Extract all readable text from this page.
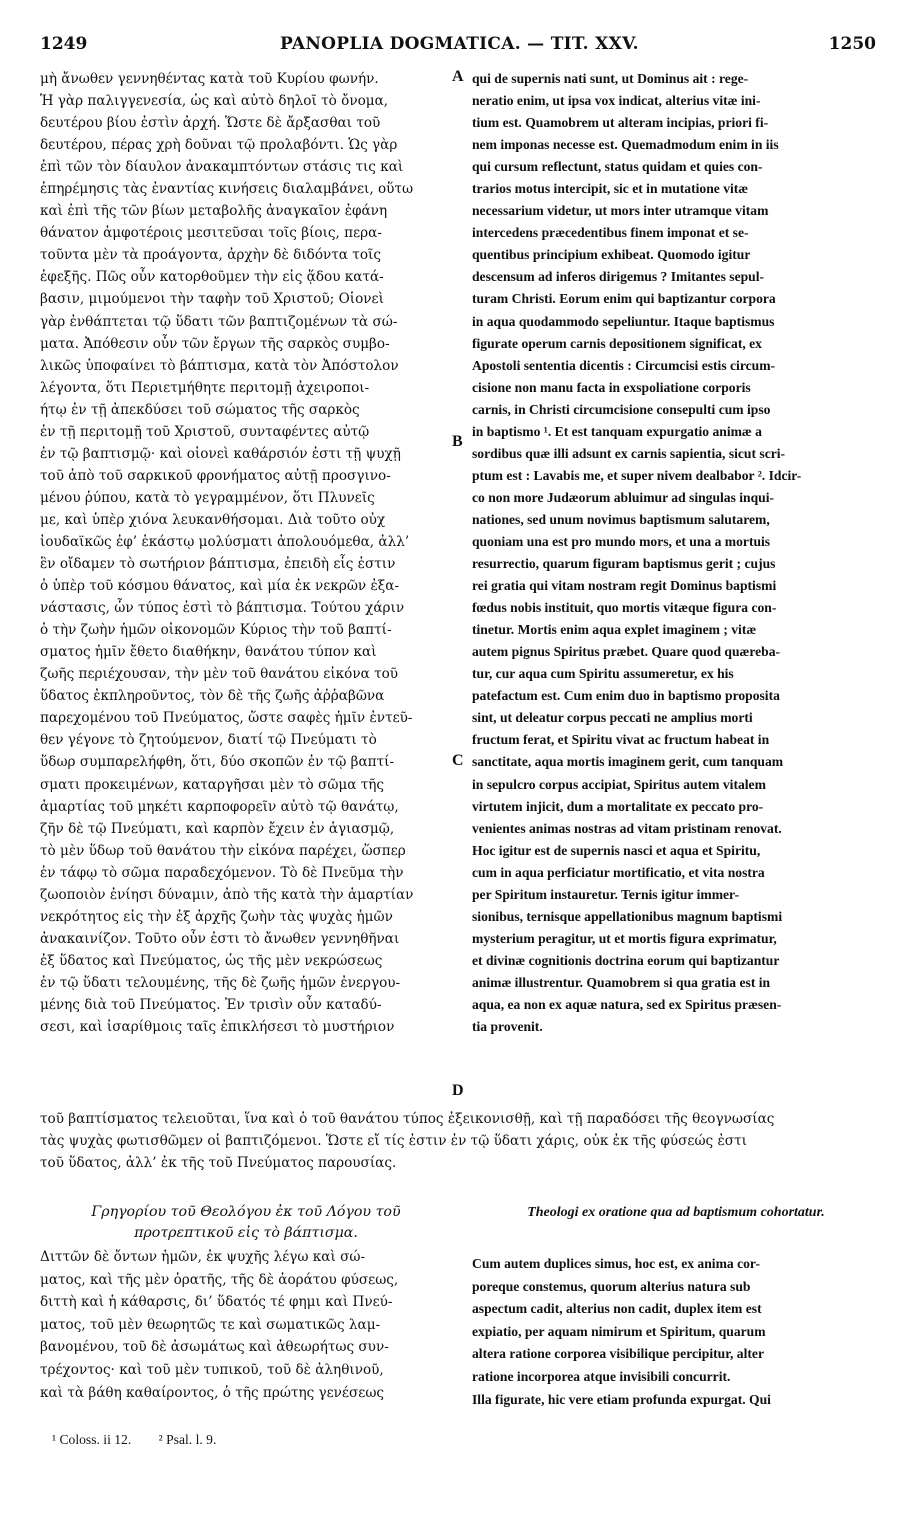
1249	PANOPLIA DOGMATICA. — TIT. XXV.	1250
μὴ ἄνωθεν γεννηθέντας κατὰ τοῦ Κυρίου φωνήν.
Ἡ γὰρ παλιγγενεσία, ὡς καὶ αὐτὸ δηλοῖ τὸ ὄνομα,
δευτέρου βίου ἐστὶν ἀρχή. Ὥστε δὲ ἄρξασθαι τοῦ
δευτέρου, πέρας χρὴ δοῦναι τῷ προλαβόντι. Ὡς γὰρ
ἐπὶ τῶν τὸν δίαυλον ἀνακαμπτόντων στάσις τις καὶ
ἐπηρέμησις τὰς ἐναντίας κινήσεις διαλαμβάνει, οὕτω
καὶ ἐπὶ τῆς τῶν βίων μεταβολῆς ἀναγκαῖον ἐφάνη
θάνατον ἀμφοτέροις μεσιτεῦσαι τοῖς βίοις, περα-
τοῦντα μὲν τὰ προάγοντα, ἀρχὴν δὲ διδόντα τοῖς
ἐφεξῆς. Πῶς οὖν κατορθοῦμεν τὴν εἰς ᾅδου κατά-
βασιν, μιμούμενοι τὴν ταφὴν τοῦ Χριστοῦ; Οἱονεὶ
γὰρ ἐνθάπτεται τῷ ὕδατι τῶν βαπτιζομένων τὰ σώ-
ματα. Ἀπόθεσιν οὖν τῶν ἔργων τῆς σαρκὸς συμβο-
λικῶς ὑποφαίνει τὸ βάπτισμα, κατὰ τὸν Ἀπόστολον
λέγοντα, ὅτι Περιετμήθητε περιτομῇ ἀχειροποι-
ήτῳ ἐν τῇ ἀπεκδύσει τοῦ σώματος τῆς σαρκὸς
ἐν τῇ περιτομῇ τοῦ Χριστοῦ, συνταφέντες αὐτῷ
ἐν τῷ βαπτισμῷ· καὶ οἱονεὶ καθάρσιόν ἐστι τῇ ψυχῇ
τοῦ ἀπὸ τοῦ σαρκικοῦ φρονήματος αὐτῇ προσγινο-
μένου ῥύπου, κατὰ τὸ γεγραμμένον, ὅτι Πλυνεῖς
με, καὶ ὑπὲρ χιόνα λευκανθήσομαι. Διὰ τοῦτο οὐχ
ἰουδαϊκῶς ἐφ’ ἑκάστῳ μολύσματι ἀπολουόμεθα, ἀλλ’
ἓν οἴδαμεν τὸ σωτήριον βάπτισμα, ἐπειδὴ εἷς ἐστιν
ὁ ὑπὲρ τοῦ κόσμου θάνατος, καὶ μία ἐκ νεκρῶν ἐξα-
νάστασις, ὧν τύπος ἐστὶ τὸ βάπτισμα. Τούτου χάριν
ὁ τὴν ζωὴν ἡμῶν οἰκονομῶν Κύριος τὴν τοῦ βαπτί-
σματος ἡμῖν ἔθετο διαθήκην, θανάτου τύπον καὶ
ζωῆς περιέχουσαν, τὴν μὲν τοῦ θανάτου εἰκόνα τοῦ
ὕδατος ἐκπληροῦντος, τὸν δὲ τῆς ζωῆς ἀῤῥαβῶνα
παρεχομένου τοῦ Πνεύματος, ὥστε σαφὲς ἡμῖν ἐντεῦ-
θεν γέγονε τὸ ζητούμενον, διατί τῷ Πνεύματι τὸ
ὕδωρ συμπαρελήφθη, ὅτι, δύο σκοπῶν ἐν τῷ βαπτί-
σματι προκειμένων, καταργῆσαι μὲν τὸ σῶμα τῆς
ἁμαρτίας τοῦ μηκέτι καρποφορεῖν αὐτὸ τῷ θανάτῳ,
ζῆν δὲ τῷ Πνεύματι, καὶ καρπὸν ἔχειν ἐν ἁγιασμῷ,
τὸ μὲν ὕδωρ τοῦ θανάτου τὴν εἰκόνα παρέχει, ὥσπερ
ἐν τάφῳ τὸ σῶμα παραδεχόμενον. Τὸ δὲ Πνεῦμα τὴν
ζωοποιὸν ἐνίησι δύναμιν, ἀπὸ τῆς κατὰ τὴν ἁμαρτίαν
νεκρότητος εἰς τὴν ἐξ ἀρχῆς ζωὴν τὰς ψυχὰς ἡμῶν
ἀνακαινίζον. Τοῦτο οὖν ἐστι τὸ ἄνωθεν γεννηθῆναι
ἐξ ὕδατος καὶ Πνεύματος, ὡς τῆς μὲν νεκρώσεως
ἐν τῷ ὕδατι τελουμένης, τῆς δὲ ζωῆς ἡμῶν ἐνεργου-
μένης διὰ τοῦ Πνεύματος. Ἐν τρισὶν οὖν καταδύ-
σεσι, καὶ ἰσαρίθμοις ταῖς ἐπικλήσεσι τὸ μυστήριον
qui de supernis nati sunt, ut Dominus ait : rege-
neratio enim, ut ipsa vox indicat, alterius vitæ ini-
tium est. Quamobrem ut alteram incipias, priori fi-
nem imponas necesse est. Quemadmodum enim in iis
qui cursum reflectunt, status quidam et quies con-
trarios motus intercipit, sic et in mutatione vitæ
necessarium videtur, ut mors inter utramque vitam
intercedens præcedentibus finem imponat et se-
quentibus principium exhibeat. Quomodo igitur
descensum ad inferos dirigemus ? Imitantes sepul-
turam Christi. Eorum enim qui baptizantur corpora
in aqua quodammodo sepeliuntur. Itaque baptismus
figurate operum carnis depositionem significat, ex
Apostoli sententia dicentis : Circumcisi estis circum-
cisione non manu facta in exspoliatione corporis
carnis, in Christi circumcisione consepulti cum ipso
in baptismo ¹. Et est tanquam expurgatio animæ a
sordibus quæ illi adsunt ex carnis sapientia, sicut scri-
ptum est : Lavabis me, et super nivem dealbabor ². Idcir-
co non more Judæorum abluimur ad singulas inqui-
nationes, sed unum novimus baptismum salutarem,
quoniam una est pro mundo mors, et una a mortuis
resurrectio, quarum figuram baptismus gerit ; cujus
rei gratia qui vitam nostram regit Dominus baptismi
fœdus nobis instituit, quo mortis vitæque figura con-
tinetur. Mortis enim aqua explet imaginem ; vitæ
autem pignus Spiritus præbet. Quare quod quæreba-
tur, cur aqua cum Spiritu assumeretur, ex his
patefactum est. Cum enim duo in baptismo proposita
sint, ut deleatur corpus peccati ne amplius morti
fructum ferat, et Spiritu vivat ac fructum habeat in
sanctitate, aqua mortis imaginem gerit, cum tanquam
in sepulcro corpus accipiat, Spiritus autem vitalem
virtutem injicit, dum a mortalitate ex peccato pro-
venientes animas nostras ad vitam pristinam renovat.
Hoc igitur est de supernis nasci et aqua et Spiritu,
cum in aqua perficiatur mortificatio, et vita nostra
per Spiritum instauretur. Ternis igitur immer-
sionibus, ternisque appellationibus magnum baptismi
mysterium peragitur, ut et mortis figura exprimatur,
et divinæ cognitionis doctrina eorum qui baptizantur
animæ illustrentur. Quamobrem si qua gratia est in
aqua, ea non ex aquæ natura, sed ex Spiritus præsen-
tia provenit.
A
B
C
D
τοῦ βαπτίσματος τελειοῦται, ἵνα καὶ ὁ τοῦ θανάτου τύπος ἐξεικονισθῇ, καὶ τῇ παραδόσει τῆς θεογνωσίας
τὰς ψυχὰς φωτισθῶμεν οἱ βαπτιζόμενοι. Ὥστε εἴ τίς ἐστιν ἐν τῷ ὕδατι χάρις, οὐκ ἐκ τῆς φύσεώς ἐστι
τοῦ ὕδατος, ἀλλ’ ἐκ τῆς τοῦ Πνεύματος παρουσίας.
Γρηγορίου τοῦ Θεολόγου ἐκ τοῦ Λόγου τοῦ προτρεπτικοῦ εἰς τὸ βάπτισμα.
Theologi ex oratione qua ad baptismum cohortatur.
Διττῶν δὲ ὄντων ἡμῶν, ἐκ ψυχῆς λέγω καὶ σώ-
ματος, καὶ τῆς μὲν ὁρατῆς, τῆς δὲ ἀοράτου φύσεως,
διττὴ καὶ ἡ κάθαρσις, δι’ ὕδατός τέ φημι καὶ Πνεύ-
ματος, τοῦ μὲν θεωρητῶς τε καὶ σωματικῶς λαμ-
βανομένου, τοῦ δὲ ἀσωμάτως καὶ ἀθεωρήτως συν-
τρέχοντος· καὶ τοῦ μὲν τυπικοῦ, τοῦ δὲ ἀληθινοῦ,
καὶ τὰ βάθη καθαίροντος, ὁ τῆς πρώτης γενέσεως
Cum autem duplices simus, hoc est, ex anima cor-
poreque constemus, quorum alterius natura sub
aspectum cadit, alterius non cadit, duplex item est
expiatio, per aquam nimirum et Spiritum, quarum
altera ratione corporea visibilique percipitur, alter
ratione incorporea atque invisibili concurrit.
Illa figurate, hic vere etiam profunda expurgat. Qui
¹ Coloss. ii 12. ² Psal. l. 9.
